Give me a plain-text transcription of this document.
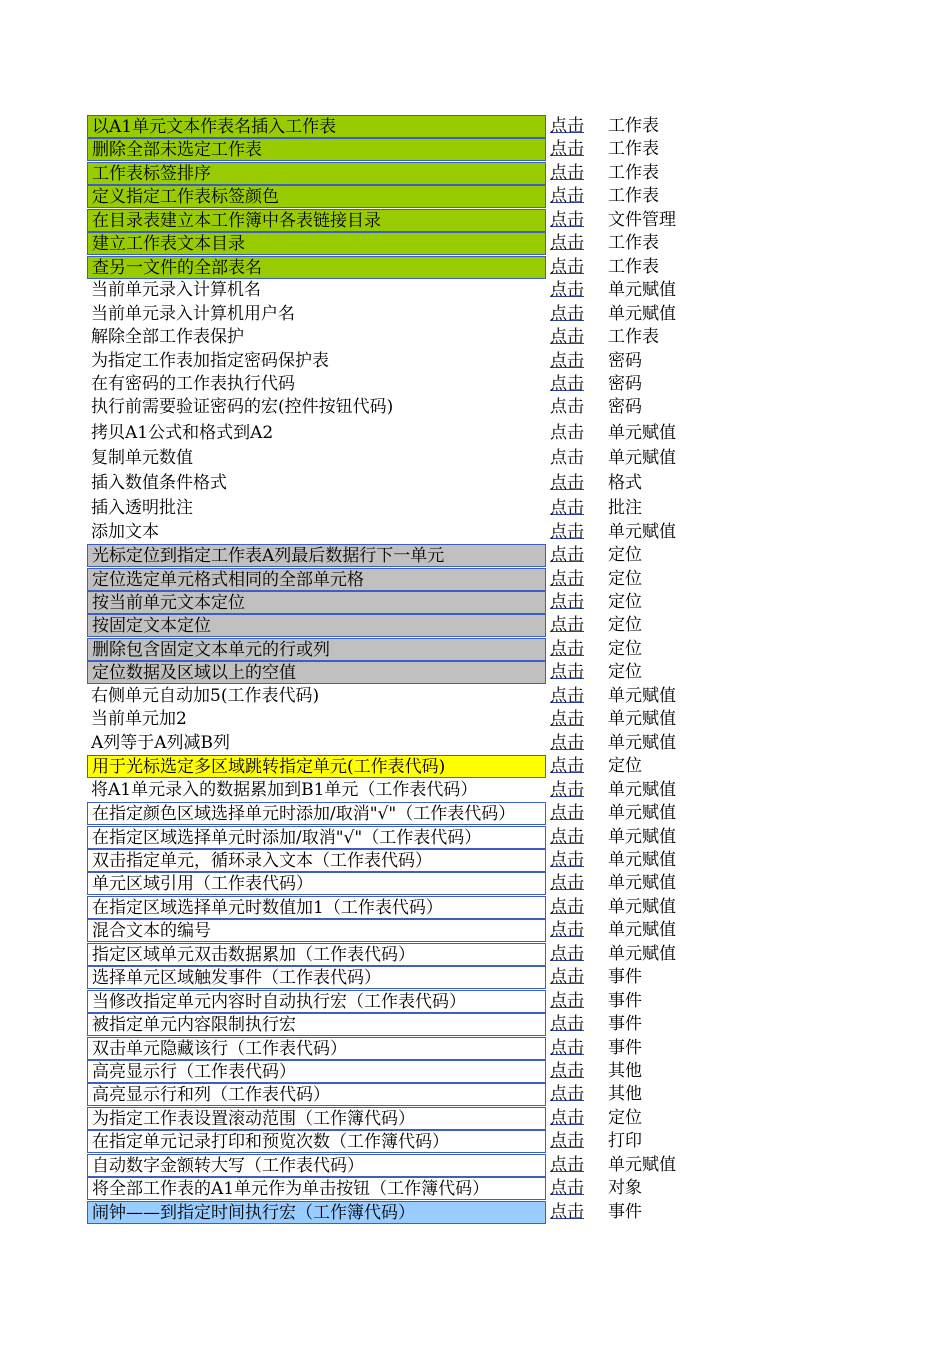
以A1单元文本作表名插入工作表	点击 工作表
删除全部未选定工作表	点击 工作表
工作表标签排序	点击 工作表
定义指定工作表标签颜色	点击 工作表
在目录表建立本工作簿中各表链接目录	点击 文件管理
建立工作表文本目录	点击 工作表
查另一文件的全部表名	点击 工作表
当前单元录入计算机名	点击 单元赋值
当前单元录入计算机用户名	点击 单元赋值
解除全部工作表保护	点击 工作表
为指定工作表加指定密码保护表	点击 密码
在有密码的工作表执行代码	点击 密码
执行前需要验证密码的宏(控件按钮代码)	点击 密码
拷贝A1公式和格式到A2	点击 单元赋值
复制单元数值	点击 单元赋值
插入数值条件格式	点击 格式
插入透明批注	点击 批注
添加文本	点击 单元赋值
光标定位到指定工作表A列最后数据行下一单元	点击 定位
定位选定单元格式相同的全部单元格	点击 定位
按当前单元文本定位	点击 定位
按固定文本定位	点击 定位
删除包含固定文本单元的行或列	点击 定位
定位数据及区域以上的空值	点击 定位
右侧单元自动加5(工作表代码)	点击 单元赋值
当前单元加2	点击 单元赋值
A列等于A列减B列	点击 单元赋值
用于光标选定多区域跳转指定单元(工作表代码)	点击 定位
将A1单元录入的数据累加到B1单元（工作表代码）	点击 单元赋值
在指定颜色区域选择单元时添加/取消"√"（工作表代码）	点击 单元赋值
在指定区域选择单元时添加/取消"√"（工作表代码）	点击 单元赋值
双击指定单元，循环录入文本（工作表代码）	点击 单元赋值
单元区域引用（工作表代码）	点击 单元赋值
在指定区域选择单元时数值加1（工作表代码）	点击 单元赋值
混合文本的编号	点击 单元赋值
指定区域单元双击数据累加（工作表代码）	点击 单元赋值
选择单元区域触发事件（工作表代码）	点击 事件
当修改指定单元内容时自动执行宏（工作表代码）	点击 事件
被指定单元内容限制执行宏	点击 事件
双击单元隐藏该行（工作表代码）	点击 事件
高亮显示行（工作表代码）	点击 其他
高亮显示行和列（工作表代码）	点击 其他
为指定工作表设置滚动范围（工作簿代码）	点击 定位
在指定单元记录打印和预览次数（工作簿代码）	点击 打印
自动数字金额转大写（工作表代码）	点击 单元赋值
将全部工作表的A1单元作为单击按钮（工作簿代码）	点击 对象
闹钟——到指定时间执行宏（工作簿代码）	点击 事件
